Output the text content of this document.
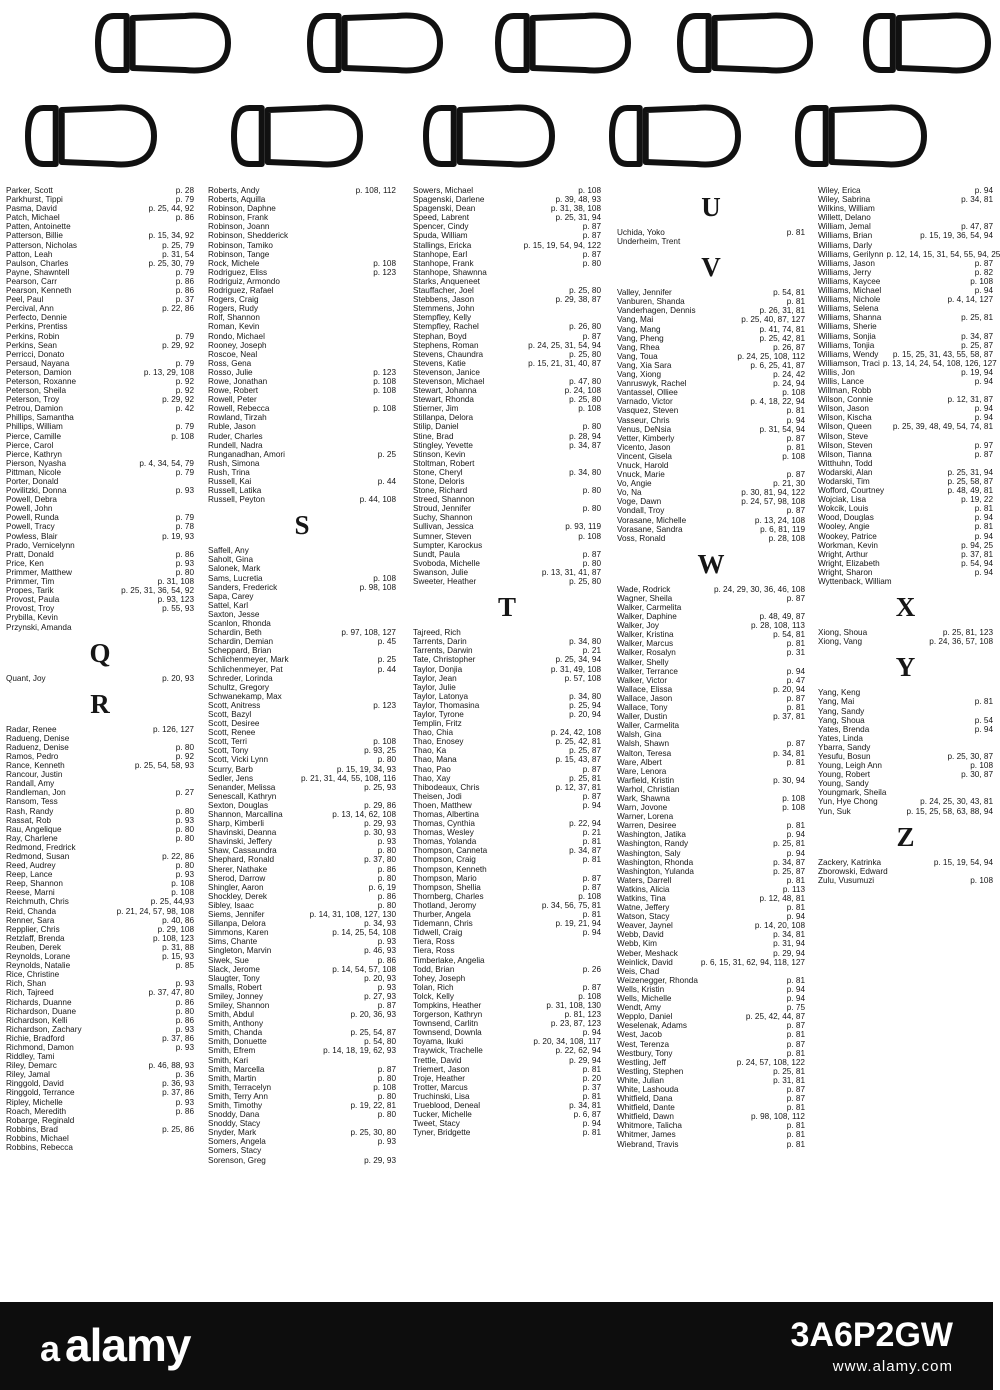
Parker, Scott	p. 28
Parkhurst, Tippi	p. 79
Pasma, David	p. 25, 44, 92
Patch, Michael	p. 86
Patten, Antoinette
Patterson, Billie	p. 15, 34, 92
Patterson, Nicholas	p. 25, 79
Patton, Leah	p. 31, 54
Paulson, Charles	p. 25, 30, 79
Payne, Shawntell	p. 79
Pearson, Carr	p. 86
Pearson, Kenneth	p. 86
Peel, Paul	p. 37
Percival, Ann	p. 22, 86
Perfecto, Dennie
Perkins, Prentiss
Perkins, Robin	p. 79
Perkins, Sean	p. 29, 92
Perricci, Donato
Persaud, Nayana	p. 79
Peterson, Damion	p. 13, 29, 108
Peterson, Roxanne	p. 92
Peterson, Sheila	p. 92
Peterson, Troy	p. 29, 92
Petrou, Damion	p. 42
Phillips, Samantha
Phillips, William	p. 79
Pierce, Camille	p. 108
Pierce, Carol
Pierce, Kathryn
Pierson, Nyasha	p. 4, 34, 54, 79
Pittman, Nicole	p. 79
Porter, Donald
Povilitzki, Donna	p. 93
Powell, Debra
Powell, John
Powell, Runda	p. 79
Powell, Tracy	p. 78
Powless, Blair	p. 19, 93
Prado, Vernicelynn
Pratt, Donald	p. 86
Price, Ken	p. 93
Primmer, Matthew	p. 80
Primmer, Tim	p. 31, 108
Propes, Tarik	p. 25, 31, 36, 54, 92
Provost, Paula	p. 93, 123
Provost, Troy	p. 55, 93
Prybilla, Kevin
Przynski, Amanda
Q
Quant, Joy	p. 20, 93
R
Radar, Renee	p. 126, 127
Radueng, Denise
Raduenz, Denise	p. 80
Ramos, Pedro	p. 92
Rance, Kenneth	p. 25, 54, 58, 93
Rancour, Justin
Randall, Amy
Randleman, Jon	p. 27
Ransom, Tess
Rash, Randy	p. 80
Rassat, Rob	p. 93
Rau, Angelique	p. 80
Ray, Charlene	p. 80
Redmond, Fredrick
Redmond, Susan	p. 22, 86
Reed, Audrey	p. 80
Reep, Lance	p. 93
Reep, Shannon	p. 108
Reese, Marni	p. 108
Reichmuth, Chris	p. 25, 44,93
Reid, Chanda	p. 21, 24, 57, 98, 108
Renner, Sara	p. 40, 86
Repplier, Chris	p. 29, 108
Retzlaff, Brenda	p. 108, 123
Reuben, Derek	p. 31, 88
Reynolds, Lorane	p. 15, 93
Reynolds, Natalie	p. 85
Rice, Christine
Rich, Shan	p. 93
Rich, Tajreed	p. 37, 47, 80
Richards, Duanne	p. 86
Richardson, Duane	p. 80
Richardson, Kelli	p. 86
Richardson, Zachary	p. 93
Richie, Bradford	p. 37, 86
Richmond, Damon	p. 93
Riddley, Tami
Riley, Demarc	p. 46, 88, 93
Riley, Jamal	p. 36
Ringgold, David	p. 36, 93
Ringgold, Terrance	p. 37, 86
Ripley, Michelle	p. 93
Roach, Meredith	p. 86
Robarge, Reginald
Robbins, Brad	p. 25, 86
Robbins, Michael
Robbins, Rebecca
Roberts, Andy	p. 108, 112
Roberts, Aquilla
Robinson, Daphne
Robinson, Frank
Robinson, Joann
Robinson, Shedderick
Robinson, Tamiko
Robinson, Tange
Rock, Michele	p. 108
Rodriguez, Eliss	p. 123
Rodriguiz, Armondo
Rodriguez, Rafael
Rogers, Craig
Rogers, Rudy
Rolf, Shannon
Roman, Kevin
Rondo, Michael
Rooney, Joseph
Roscoe, Neal
Ross, Gena
Rosso, Julie	p. 123
Rowe, Jonathan	p. 108
Rowe, Robert	p. 108
Rowell, Peter
Rowell, Rebecca	p. 108
Rowland, Tirzah
Ruble, Jason
Ruder, Charles
Rundell, Nadra
Runganadhan, Amori	p. 25
Rush, Simona
Rush, Trina
Russell, Kai	p. 44
Russell, Latika
Russell, Peyton	p. 44, 108
S
Saffell, Any
Saholt, Gina
Salonek, Mark
Sams, Lucretia	p. 108
Sanders, Frederick	p. 98, 108
Sapa, Carey
Sattel, Karl
Saxton, Jesse
Scanlon, Rhonda
Schardin, Beth	p. 97, 108, 127
Schardin, Demian	p. 45
Scheppard, Brian
Schlichenmeyer, Mark	p. 25
Schlichenmeyer, Pat	p. 44
Schreder, Lorinda
Schultz, Gregory
Schwanekamp, Max
Scott, Anitress	p. 123
Scott, Bazyl
Scott, Desiree
Scott, Renee
Scott, Terri	p. 108
Scott, Tony	p. 93, 25
Scott, Vicki Lynn	p. 80
Scurry, Barb	p. 15, 19, 34, 93
Sedler, Jens	p. 21, 31, 44, 55, 108, 116
Senander, Melissa	p. 25, 93
Senescall, Kathryn
Sexton, Douglas	p. 29, 86
Shannon, Marcallina	p. 13, 14, 62, 108
Sharp, Kimberli	p. 29, 93
Shavinski, Deanna	p. 30, 93
Shavinski, Jeffery	p. 93
Shaw, Cassaundra	p. 80
Shephard, Ronald	p. 37, 80
Sherer, Nathake	p. 86
Sherod, Darrow	p. 80
Shingler, Aaron	p. 6, 19
Shockley, Derek	p. 86
Sibley, Isaac	p. 80
Siems, Jennifer	p. 14, 31, 108, 127, 130
Sillanpa, Delora	p. 34, 93
Simmons, Karen	p. 14, 25, 54, 108
Sims, Chante	p. 93
Singleton, Marvin	p. 46, 93
Siwek, Sue	p. 86
Slack, Jerome	p. 14, 54, 57, 108
Slaugter, Tony	p. 20, 93
Smalls, Robert	p. 93
Smiley, Jonney	p. 27, 93
Smiley, Shannon	p. 87
Smith, Abdul	p. 20, 36, 93
Smith, Anthony
Smith, Chanda	p. 25, 54, 87
Smith, Donuette	p. 54, 80
Smith, Efrem	p. 14, 18, 19, 62, 93
Smith, Kari
Smith, Marcella	p. 87
Smith, Martin	p. 80
Smith, Terracelyn	p. 108
Smith, Terry Ann	p. 80
Smith, Timothy	p. 19, 22, 81
Snoddy, Dana	p. 80
Snoddy, Stacy
Snyder, Mark	p. 25, 30, 80
Somers, Angela	p. 93
Somers, Stacy
Sorenson, Greg	p. 29, 93
Sowers, Michael	p. 108
Spagenski, Darlene	p. 39, 48, 93
Spagenski, Dean	p. 31, 38, 108
Speed, Labrent	p. 25, 31, 94
Spencer, Cindy	p. 87
Spuda, William	p. 87
Stallings, Ericka	p. 15, 19, 54, 94, 122
Stanhope, Earl	p. 87
Stanhope, Frank	p. 80
Stanhope, Shawnna
Starks, Anqueneet
Stauffacher, Joel	p. 25, 80
Stebbens, Jason	p. 29, 38, 87
Stemmens, John
Stempfley, Kelly
Stempfley, Rachel	p. 26, 80
Stephan, Boyd	p. 87
Stephens, Roman	p. 24, 25, 31, 54, 94
Stevens, Chaundra	p. 25, 80
Stevens, Katie	p. 15, 21, 31, 40, 87
Stevenson, Janice
Stevenson, Michael	p. 47, 80
Stewart, Johanna	p. 24, 108
Stewart, Rhonda	p. 25, 80
Stierner, Jim	p. 108
Stillanpa, Delora
Stilip, Daniel	p. 80
Stine, Brad	p. 28, 94
Stingley, Yevette	p. 34, 87
Stinson, Kevin
Stoltman, Robert
Stone, Cheryl	p. 34, 80
Stone, Deloris
Stone, Richard	p. 80
Streed, Shannon
Stroud, Jennifer	p. 80
Suchy, Shannon
Sullivan, Jessica	p. 93, 119
Sumner, Steven	p. 108
Sumpter, Karockus
Sundt, Paula	p. 87
Svoboda, Michelle	p. 80
Swanson, Julie	p. 13, 31, 41, 87
Sweeter, Heather	p. 25, 80
T
Tajreed, Rich
Tarrents, Darin	p. 34, 80
Tarrents, Darwin	p. 21
Tate, Christopher	p. 25, 34, 94
Taylor, Donjia	p. 31, 49, 108
Taylor, Jean	p. 57, 108
Taylor, Julie
Taylor, Latonya	p. 34, 80
Taylor, Thomasina	p. 25, 94
Taylor, Tyrone	p. 20, 94
Templin, Fritz
Thao, Chia	p. 24, 42, 108
Thao, Enosey	p. 25, 42, 81
Thao, Ka	p. 25, 87
Thao, Mana	p. 15, 43, 87
Thao, Pao	p. 87
Thao, Xay	p. 25, 81
Thibodeaux, Chris	p. 12, 37, 81
Theisen, Jodi	p. 87
Thoen, Matthew	p. 94
Thomas, Albertina
Thomas, Cynthia	p. 22, 94
Thomas, Wesley	p. 21
Thomas, Yolanda	p. 81
Thompson, Canneta	p. 34, 87
Thompson, Craig	p. 81
Thompson, Kenneth
Thompson, Mario	p. 87
Thompson, Shellia	p. 87
Thornberg, Charles	p. 108
Thotland, Jeromy	p. 34, 56, 75, 81
Thurber, Angela	p. 81
Tidemann, Chris	p. 19, 21, 94
Tidwell, Craig	p. 94
Tiera, Ross
Tiera, Ross
Timberlake, Angelia
Todd, Brian	p. 26
Tohey, Joseph
Tolan, Rich	p. 87
Tolck, Kelly	p. 108
Tompkins, Heather	p. 31, 108, 130
Torgerson, Kathryn	p. 81, 123
Townsend, Carlitn	p. 23, 87, 123
Townsend, Downla	p. 94
Toyama, Ikuki	p. 20, 34, 108, 117
Traywick, Trachelle	p. 22, 62, 94
Trettle, David	p. 29, 94
Triemert, Jason	p. 81
Troje, Heather	p. 20
Trotter, Marcus	p. 37
Truchinski, Lisa	p. 81
Trueblood, Deneal	p. 34, 81
Tucker, Michelle	p. 6, 87
Tweet, Stacy	p. 94
Tyner, Bridgette	p. 81
U
Uchida, Yoko	p. 81
Underheim, Trent
V
Valley, Jennifer	p. 54, 81
Vanburen, Shanda	p. 81
Vanderhagen, Dennis	p. 26, 31, 81
Vang, Mai	p. 25, 40, 87, 127
Vang, Mang	p. 41, 74, 81
Vang, Pheng	p. 25, 42, 81
Vang, Rhea	p. 26, 87
Vang, Toua	p. 24, 25, 108, 112
Vang, Xia Sara	p. 6, 25, 41, 87
Vang, Xiong	p. 24, 42
Vanruswyk, Rachel	p. 24, 94
Vantassel, Olliee	p. 108
Varnado, Victor	p. 4, 18, 22, 94
Vasquez, Steven	p. 81
Vasseur, Chris	p. 94
Venus, DeNsia	p. 31, 54, 94
Vetter, Kimberly	p. 87
Vicento, Jason	p. 81
Vincent, Gisela	p. 108
Vnuck, Harold
Vnuck, Marie	p. 87
Vo, Angie	p. 21, 30
Vo, Na	p. 30, 81, 94, 122
Voge, Dawn	p. 24, 57, 98, 108
Vondall, Troy	p. 87
Vorasane, Michelle	p. 13, 24, 108
Vorasane, Sandra	p. 6, 81, 119
Voss, Ronald	p. 28, 108
W
Wade, Rodrick	p. 24, 29, 30, 36, 46, 108
Wagner, Sheila	p. 87
Walker, Carmelita
Walker, Daphine	p. 48, 49, 87
Walker, Joy	p. 28, 108, 113
Walker, Kristina	p. 54, 81
Walker, Marcus	p. 81
Walker, Rosalyn	p. 31
Walker, Shelly
Walker, Terrance	p. 94
Walker, Victor	p. 47
Wallace, Elissa	p. 20, 94
Wallace, Jason	p. 87
Wallace, Tony	p. 81
Waller, Dustin	p. 37, 81
Waller, Carmelita
Walsh, Gina
Walsh, Shawn	p. 87
Walton, Teresa	p. 34, 81
Ware, Albert	p. 81
Ware, Lenora
Warfield, Kristin	p. 30, 94
Warhol, Christian
Wark, Shawna	p. 108
Warn, Jovone	p. 108
Warner, Lorena
Warren, Desiree	p. 81
Washington, Jatika	p. 94
Washington, Randy	p. 25, 81
Washington, Saly	p. 94
Washington, Rhonda	p. 34, 87
Washington, Yulanda	p. 25, 87
Waters, Darrell	p. 81
Watkins, Alicia	p. 113
Watkins, Tina	p. 12, 48, 81
Watne, Jeffery	p. 81
Watson, Stacy	p. 94
Weaver, Jaynel	p. 14, 20, 108
Webb, David	p. 34, 81
Webb, Kim	p. 31, 94
Weber, Meshack	p. 29, 94
Weinlick, David	p. 6, 15, 31, 62, 94, 118, 127
Weis, Chad
Weizenegger, Rhonda	p. 81
Wells, Kristin	p. 94
Wells, Michelle	p. 94
Wendt, Amy	p. 75
Wepplo, Daniel	p. 25, 42, 44, 87
Weselenak, Adams	p. 87
West, Jacob	p. 81
West, Terenza	p. 87
Westbury, Tony	p. 81
Westling, Jeff	p. 24, 57, 108, 122
Westling, Stephen	p. 25, 81
White, Julian	p. 31, 81
White, Lashouda	p. 87
Whitfield, Dana	p. 87
Whitfield, Dante	p. 81
Whitfield, Dawn	p. 98, 108, 112
Whitmore, Talicha	p. 81
Whitmer, James	p. 81
Wiebrand, Travis	p. 81
Wiley, Erica	p. 94
Wiley, Sabrina	p. 34, 81
Wilkins, William
Willett, Delano
William, Jemal	p. 47, 87
Williams, Brian	p. 15, 19, 36, 54, 94
Williams, Darly
Williams, Gerilynn p. 12, 14, 15, 31, 54, 55, 94, 25
Williams, Jason	p. 87
Williams, Jerry	p. 82
Williams, Kaycee	p. 108
Williams, Michael	p. 94
Williams, Nichole	p. 4, 14, 127
Williams, Selena
Williams, Shanna	p. 25, 81
Williams, Sherie
Williams, Sonjia	p. 34, 87
Williams, Tonjia	p. 25, 87
Williams, Wendy	p. 15, 25, 31, 43, 55, 58, 87
Williamson, Traci p. 13, 14, 24, 54, 108, 126, 127
Willis, Jon	p. 19, 94
Willis, Lance	p. 94
Willman, Robb
Wilson, Connie	p. 12, 31, 87
Wilson, Jason	p. 94
Wilson, Kischa	p. 94
Wilson, Queen	p. 25, 39, 48, 49, 54, 74, 81
Wilson, Steve
Wilson, Steven	p. 97
Wilson, Tianna	p. 87
Witthuhn, Todd
Wodarski, Alan	p. 25, 31, 94
Wodarski, Tim	p. 25, 58, 87
Wofford, Courtney	p. 48, 49, 81
Wojciak, Lisa	p. 19, 22
Wokcik, Louis	p. 81
Wood, Douglas	p. 94
Wooley, Angie	p. 81
Wookey, Patrice	p. 94
Workman, Kevin	p. 94, 25
Wright, Arthur	p. 37, 81
Wright, Elizabeth	p. 54, 94
Wright, Sharon	p. 94
Wyttenback, William
X
Xiong, Shoua	p. 25, 81, 123
Xiong, Vang	p. 24, 36, 57, 108
Y
Yang, Keng
Yang, Mai	p. 81
Yang, Sandy
Yang, Shoua	p. 54
Yates, Brenda	p. 94
Yates, Linda
Ybarra, Sandy
Yesufu, Bosun	p. 25, 30, 87
Young, Leigh Ann	p. 108
Young, Robert	p. 30, 87
Young, Sandy
Youngmark, Sheila
Yun, Hye Chong	p. 24, 25, 30, 43, 81
Yun, Suk	p. 15, 25, 58, 63, 88, 94
Z
Zackery, Katrinka	p. 15, 19, 54, 94
Zborowski, Edward
Zulu, Vusumuzi	p. 108
a alamy	3A6P2GW
www.alamy.com
